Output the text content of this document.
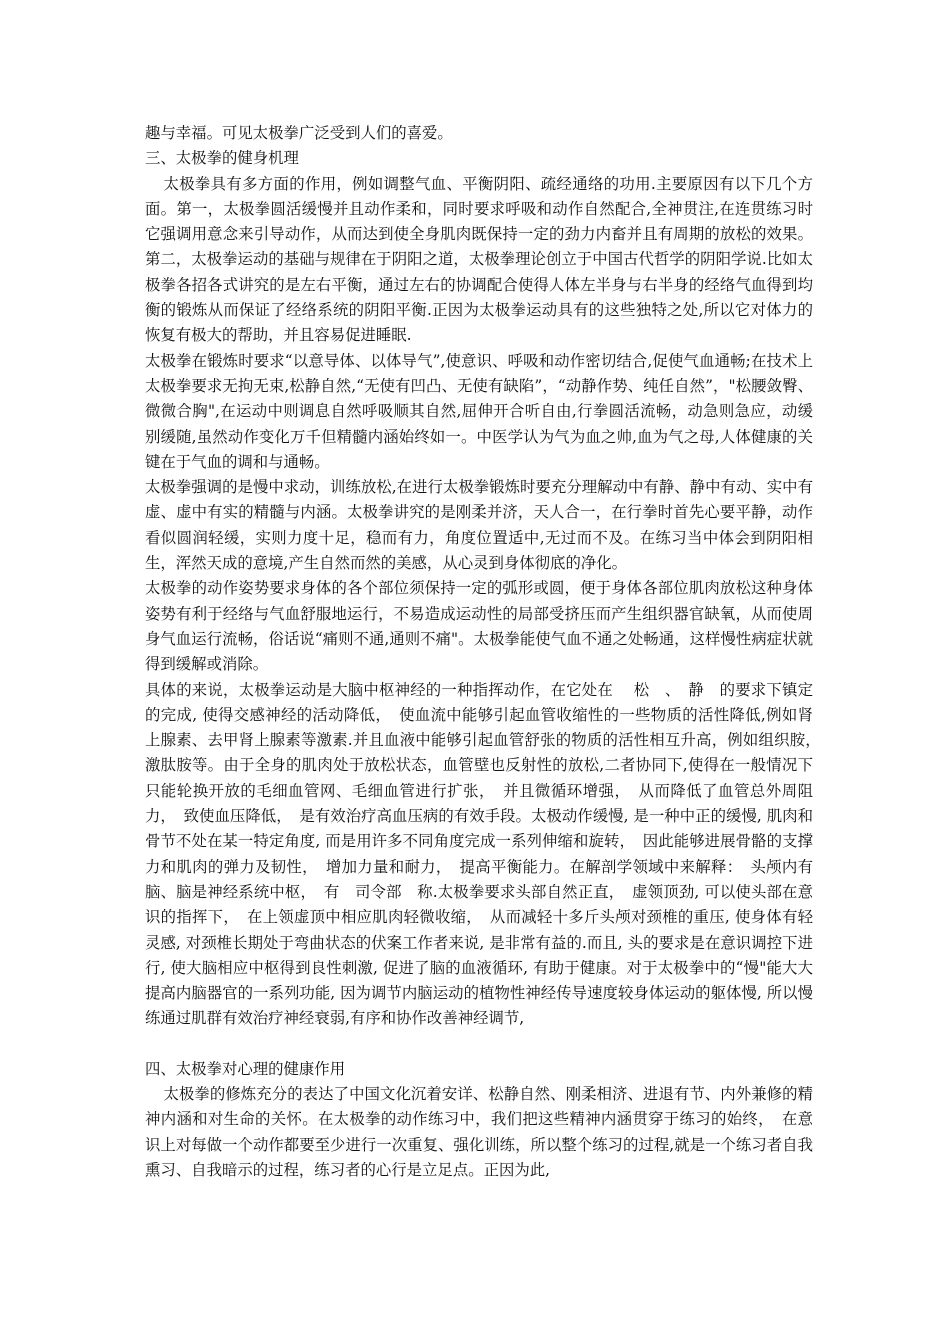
趣与幸福。可见太极拳广泛受到人们的喜爱。

三、太极拳的健身机理

太极拳具有多方面的作用，例如调整气血、平衡阴阳、疏经通络的功用.主要原因有以下几个方面。第一，太极拳圆活缓慢并且动作柔和，同时要求呼吸和动作自然配合,全神贯注,在连贯练习时它强调用意念来引导动作，从而达到使全身肌肉既保持一定的劲力内畜并且有周期的放松的效果。第二，太极拳运动的基础与规律在于阴阳之道，太极拳理论创立于中国古代哲学的阴阳学说.比如太极拳各招各式讲究的是左右平衡，通过左右的协调配合使得人体左半身与右半身的经络气血得到均衡的锻炼从而保证了经络系统的阴阳平衡.正因为太极拳运动具有的这些独特之处,所以它对体力的恢复有极大的帮助，并且容易促进睡眠.

太极拳在锻炼时要求“以意导体、以体导气”,使意识、呼吸和动作密切结合,促使气血通畅;在技术上太极拳要求无拘无束,松静自然,“无使有凹凸、无使有缺陷”，“动静作势、纯任自然”，"松腰敛臀、微微合胸",在运动中则调息自然呼吸顺其自然,屈伸开合听自由,行拳圆活流畅，动急则急应，动缓别缓随,虽然动作变化万千但精髓内涵始终如一。中医学认为气为血之帅,血为气之母,人体健康的关键在于气血的调和与通畅。

太极拳强调的是慢中求动，训练放松,在进行太极拳锻炼时要充分理解动中有静、静中有动、实中有虚、虚中有实的精髓与内涵。太极拳讲究的是刚柔并济，天人合一，在行拳时首先心要平静，动作看似圆润轻缓，实则力度十足，稳而有力，角度位置适中,无过而不及。在练习当中体会到阴阳相生，浑然天成的意境,产生自然而然的美感，从心灵到身体彻底的净化。

太极拳的动作姿势要求身体的各个部位须保持一定的弧形或圆，便于身体各部位肌肉放松这种身体姿势有利于经络与气血舒服地运行，不易造成运动性的局部受挤压而产生组织器官缺氧，从而使周身气血运行流畅，俗话说“痛则不通,通则不痛"。太极拳能使气血不通之处畅通，这样慢性病症状就得到缓解或消除。

具体的来说，太极拳运动是大脑中枢神经的一种指挥动作，在它处在　 松　、　静　的要求下镇定的完成, 使得交感神经的活动降低，　使血流中能够引起血管收缩性的一些物质的活性降低,例如肾上腺素、去甲肾上腺素等激素.并且血液中能够引起血管舒张的物质的活性相互升高，例如组织胺，　激肽胺等。由于全身的肌肉处于放松状态，血管壁也反射性的放松,二者协同下,使得在一般情况下只能轮换开放的毛细血管网、毛细血管进行扩张，　并且微循环增强，　从而降低了血管总外周阻力，　致使血压降低，　是有效治疗高血压病的有效手段。太极动作缓慢, 是一种中正的缓慢, 肌肉和骨节不处在某一特定角度, 而是用许多不同角度完成一系列伸缩和旋转，　因此能够进展骨骼的支撑力和肌肉的弹力及韧性，　增加力量和耐力，　提高平衡能力。在解剖学领域中来解释：　头颅内有脑、脑是神经系统中枢，　有　司令部　称.太极拳要求头部自然正直，　虚领顶劲, 可以使头部在意识的指挥下，　在上领虚顶中相应肌肉轻微收缩，　从而减轻十多斤头颅对颈椎的重压, 使身体有轻灵感, 对颈椎长期处于弯曲状态的伏案工作者来说, 是非常有益的.而且, 头的要求是在意识调控下进行, 使大脑相应中枢得到良性刺激, 促进了脑的血液循环, 有助于健康。对于太极拳中的“慢"能大大提高内脑器官的一系列功能, 因为调节内脑运动的植物性神经传导速度较身体运动的躯体慢, 所以慢练通过肌群有效治疗神经衰弱,有序和协作改善神经调节,

四、太极拳对心理的健康作用

太极拳的修炼充分的表达了中国文化沉着安详、松静自然、刚柔相济、进退有节、内外兼修的精神内涵和对生命的关怀。在太极拳的动作练习中，我们把这些精神内涵贯穿于练习的始终，　在意识上对每做一个动作都要至少进行一次重复、强化训练，所以整个练习的过程,就是一个练习者自我熏习、自我暗示的过程，练习者的心行是立足点。正因为此,
